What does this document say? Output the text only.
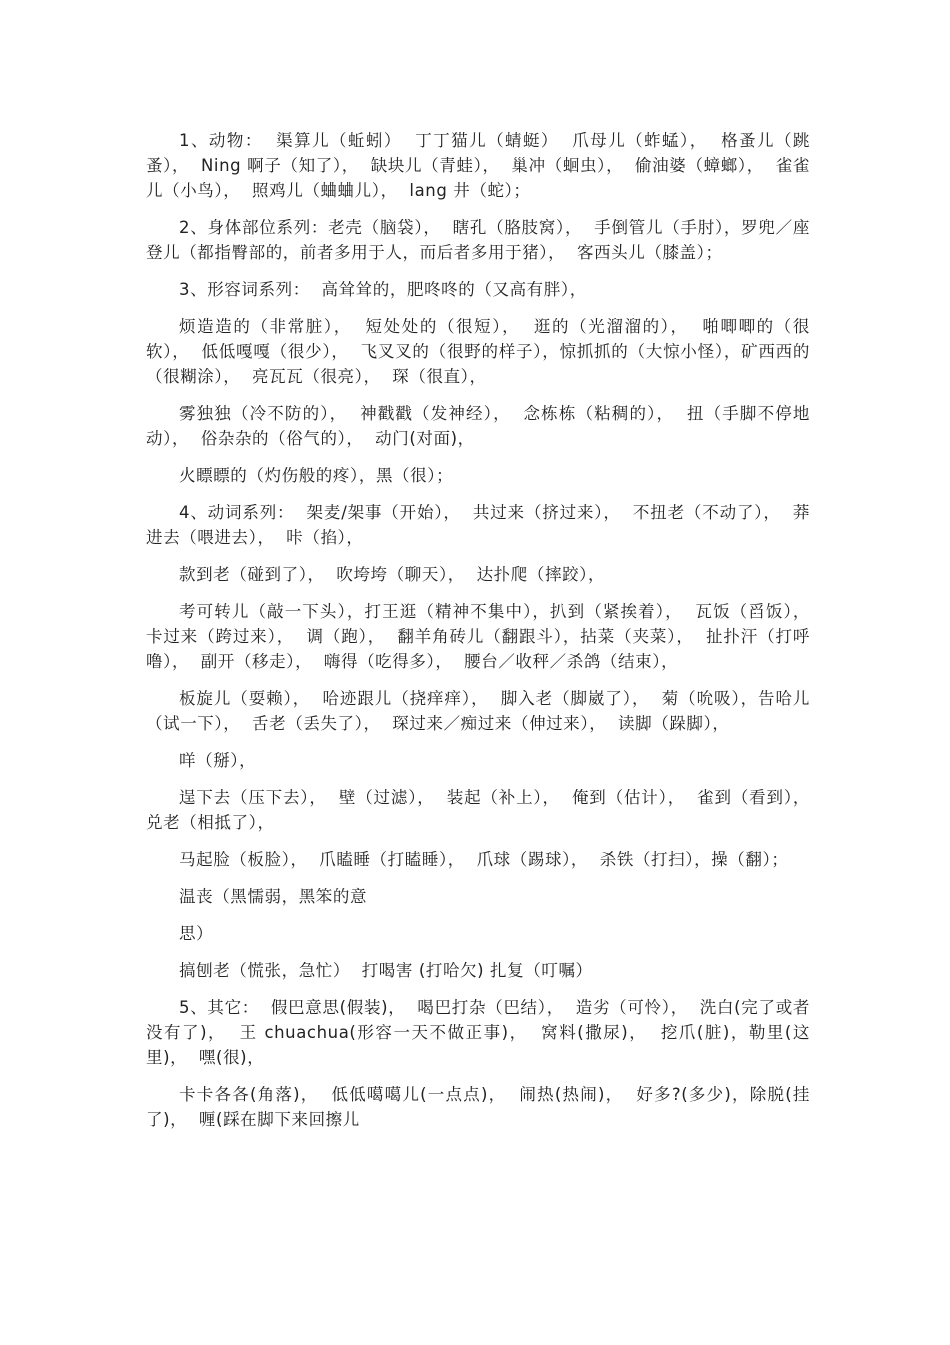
1、动物：  渠算儿（蚯蚓）  丁丁猫儿（蜻蜓）  爪母儿（蚱蜢），  格蚤儿（跳蚤），  Ning 啊子（知了），  缺块儿（青蛙），  巢冲（蛔虫），  偷油婆（蟑螂），  雀雀儿（小鸟），  照鸡儿（蛐蛐儿），  lang 井（蛇）；

2、身体部位系列：老壳（脑袋），  瞎孔（胳肢窝），  手倒管儿（手肘），罗兜／座登儿（都指臀部的，前者多用于人，而后者多用于猪），  客西头儿（膝盖）；

3、形容词系列：  高耸耸的，肥咚咚的（又高有胖），

烦造造的（非常脏），  短处处的（很短），  逛的（光溜溜的），  啪唧唧的（很软），  低低嘎嘎（很少），  飞叉叉的（很野的样子），惊抓抓的（大惊小怪），矿西西的（很糊涂），  亮瓦瓦（很亮），  琛（很直），

雾独独（冷不防的），  神戳戳（发神经），  念栋栋（粘稠的），  扭（手脚不停地动），  俗杂杂的（俗气的），  动门(对面)，

火瞟瞟的（灼伤般的疼），黑（很）；

4、动词系列：  架麦/架事（开始），  共过来（挤过来），  不扭老（不动了），  莽进去（喂进去），  咔（掐），

款到老（碰到了），  吹垮垮（聊天），  达扑爬（摔跤），

考可转儿（敲一下头），打王逛（精神不集中），扒到（紧挨着），  瓦饭（舀饭），  卡过来（跨过来），  调（跑），  翻羊角砖儿（翻跟斗），拈菜（夹菜），  扯扑汗（打呼噜），  副开（移走），  嗨得（吃得多），  腰台／收秤／杀鸽（结束），

板旋儿（耍赖），  哈迹跟儿（挠痒痒），  脚入老（脚崴了），  菊（吮吸），告哈儿（试一下），  舌老（丢失了），  琛过来／痴过来（伸过来），  读脚（跺脚），

咩（掰），

逞下去（压下去），  壁（过滤），  装起（补上），  俺到（估计），  雀到（看到），  兑老（相抵了），

马起脸（板脸），  爪瞌睡（打瞌睡），  爪球（踢球），  杀铁（打扫），操（翻）；

温丧（黑懦弱，黑笨的意

思）

搞刨老（慌张，急忙）  打喝害 (打哈欠) 扎复（叮嘱）

5、其它：  假巴意思(假装)，  喝巴打杂（巴结），  造劣（可怜），  洗白(完了或者没有了)，  王 chuachua(形容一天不做正事)，  窝料(撒尿)，  挖爪(脏)，勒里(这里)，  嘿(很)，

卡卡各各(角落)，  低低噶噶儿(一点点)，  闹热(热闹)，  好多?(多少)，除脱(挂了)，  喱(踩在脚下来回擦儿
